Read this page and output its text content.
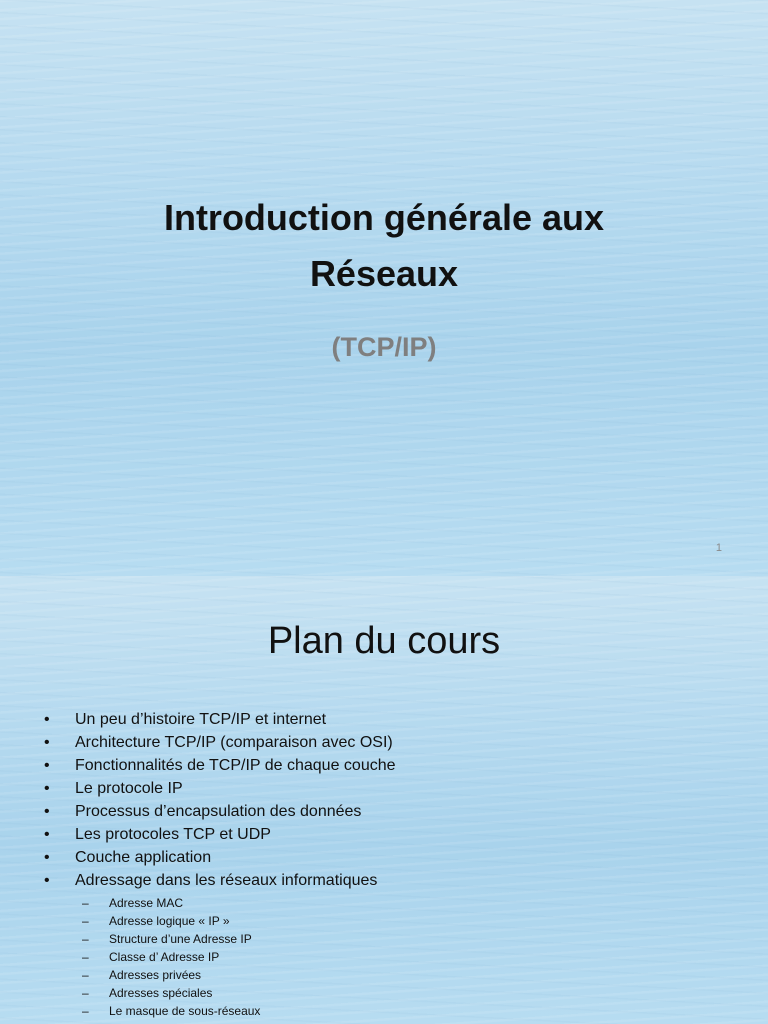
Introduction générale aux
Réseaux
(TCP/IP)
1
Plan du cours
• Un peu d’histoire TCP/IP et internet
• Architecture TCP/IP (comparaison avec OSI)
• Fonctionnalités de TCP/IP de chaque couche
• Le protocole IP
• Processus d’encapsulation des données
• Les protocoles TCP et UDP
• Couche application
• Adressage dans les réseaux informatiques
– Adresse MAC
– Adresse logique « IP »
– Structure d’une Adresse IP
– Classe d’ Adresse IP
– Adresses privées
– Adresses spéciales
– Le masque de sous-réseaux
